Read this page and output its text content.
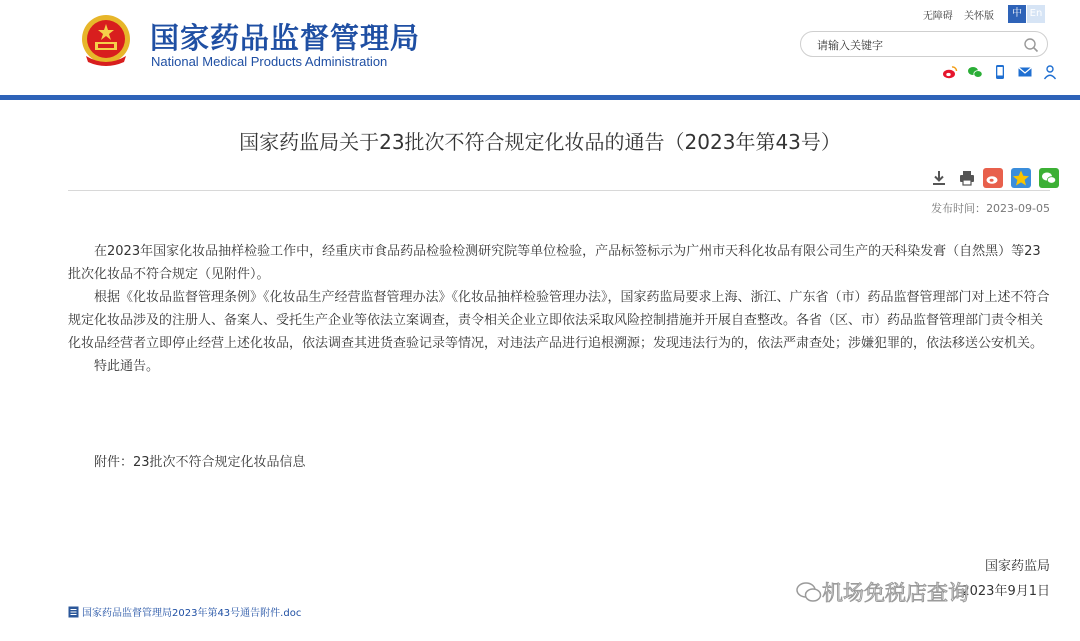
国家药品监督管理局
National Medical Products Administration
无障碍 关怀版	中 En
请输入关键字

国家药监局关于23批次不符合规定化妆品的通告（2023年第43号）

发布时间：2023-09-05

在2023年国家化妆品抽样检验工作中，经重庆市食品药品检验检测研究院等单位检验，产品标签标示为广州市天科化妆品有限公司生产的天科染发膏（自然黑）等23批次化妆品不符合规定（见附件）。

根据《化妆品监督管理条例》《化妆品生产经营监督管理办法》《化妆品抽样检验管理办法》，国家药监局要求上海、浙江、广东省（市）药品监督管理部门对上述不符合规定化妆品涉及的注册人、备案人、受托生产企业等依法立案调查，责令相关企业立即依法采取风险控制措施并开展自查整改。各省（区、市）药品监督管理部门责令相关化妆品经营者立即停止经营上述化妆品，依法调查其进货查验记录等情况，对违法产品进行追根溯源；发现违法行为的，依法严肃查处；涉嫌犯罪的，依法移送公安机关。

特此通告。

附件：23批次不符合规定化妆品信息
国家药监局
2023年9月1日
机场免税店查询
国家药品监督管理局2023年第43号通告附件.doc
